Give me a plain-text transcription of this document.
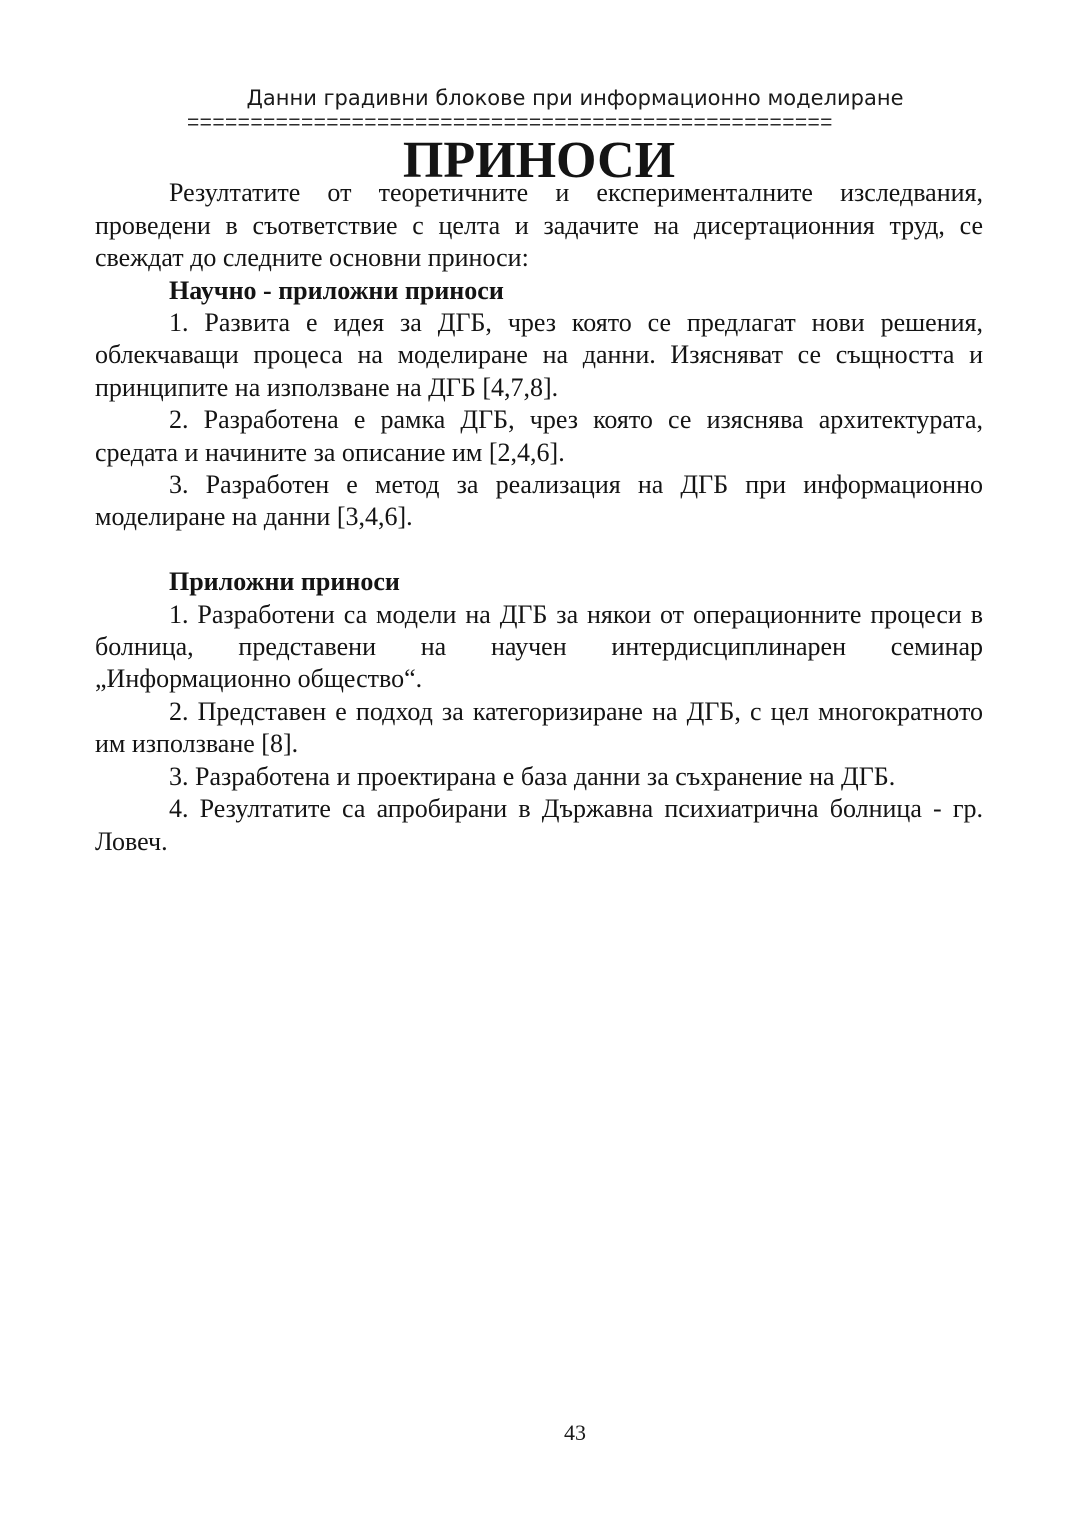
Данни градивни блокове при информационно моделиране
===================================================
ПРИНОСИ

Резултатите от теоретичните и експерименталните изследвания, проведени в съответствие с целта и задачите на дисертационния труд, се свеждат до следните основни приноси:

Научно - приложни приноси

1. Развита е идея за ДГБ, чрез която се предлагат нови решения, облекчаващи процеса на моделиране на данни. Изясняват се същността и принципите на използване на ДГБ [4,7,8].

2. Разработена е рамка ДГБ, чрез която се изяснява архитектурата, средата и начините за описание им [2,4,6].

3. Разработен е метод за реализация на ДГБ при информационно моделиране на данни [3,4,6].

Приложни приноси

1. Разработени са модели на ДГБ за някои от операционните процеси в болница, представени на научен интердисциплинарен семинар „Информационно общество“.

2. Представен е подход за категоризиране на ДГБ, с цел многократното им използване [8].

3. Разработена и проектирана е база данни за съхранение на ДГБ.

4. Резултатите са апробирани в Държавна психиатрична болница - гр. Ловеч.

43
